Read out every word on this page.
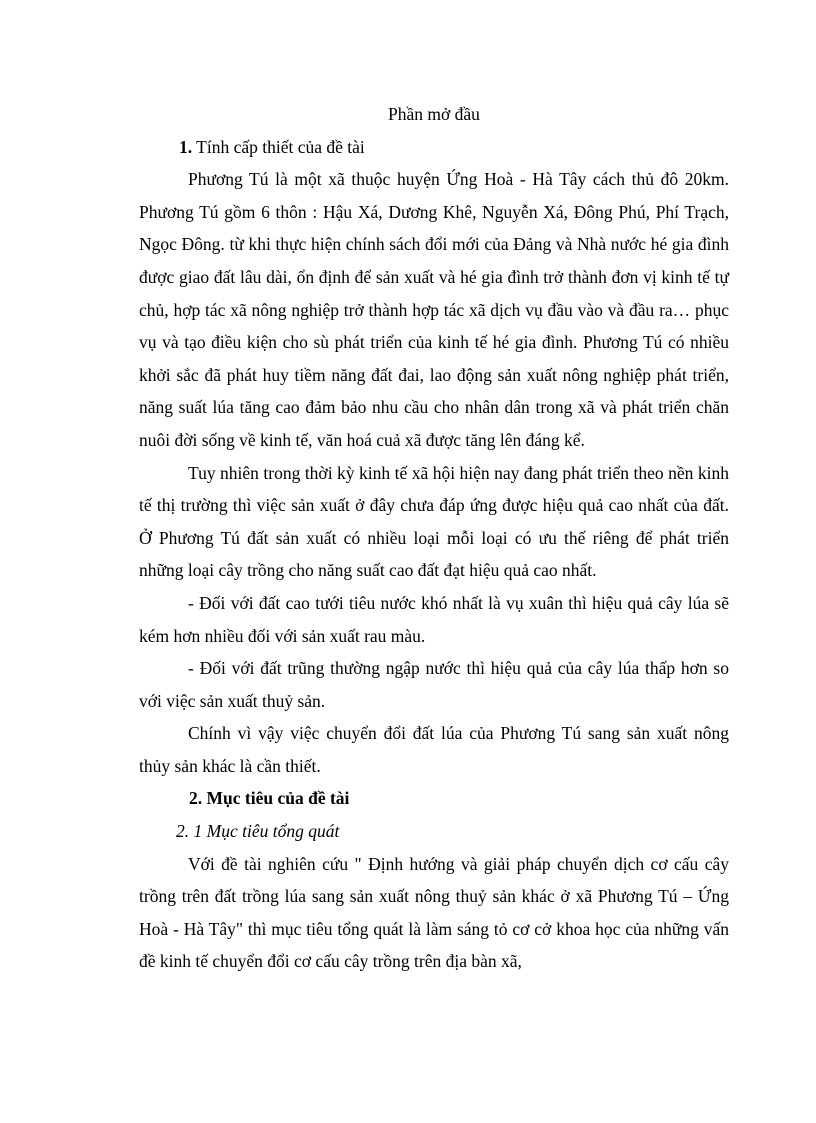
Phần mở đầu
1. Tính cấp thiết của đề tài

Phương Tú là một xã thuộc huyện Ứng Hoà - Hà Tây cách thủ đô 20km. Phương Tú gồm 6 thôn : Hậu Xá, Dương Khê, Nguyễn Xá, Đông Phú, Phí Trạch, Ngọc Đông. từ khi thực hiện chính sách đổi mới của Đảng và Nhà nước hé gia đình được giao đất lâu dài, ổn định để sản xuất và hé gia đình trở thành đơn vị kinh tế tự chủ, hợp tác xã nông nghiệp trở thành hợp tác xã dịch vụ đầu vào và đầu ra… phục vụ và tạo điều kiện cho sù phát triển của kinh tế hé gia đình. Phương Tú có nhiều khởi sắc đã phát huy tiềm năng đất đai, lao động sản xuất nông nghiệp phát triển, năng suất lúa tăng cao đảm bảo nhu cầu cho nhân dân trong xã và phát triển chăn nuôi đời sống về kinh tế, văn hoá cuả xã được tăng lên đáng kể.

Tuy nhiên trong thời kỳ kinh tế xã hội hiện nay đang phát triển theo nền kinh tế thị trường thì việc sản xuất ở đây chưa đáp ứng được hiệu quả cao nhất của đất. Ở Phương Tú đất sản xuất có nhiều loại mỗi loại có ưu thế riêng để phát triển những loại cây trồng cho năng suất cao đất đạt hiệu quả cao nhất.

- Đối với đất cao tưới tiêu nước khó nhất là vụ xuân thì hiệu quả cây lúa sẽ kém hơn nhiều đối với sản xuất rau màu.

- Đối với đất trũng thường ngập nước thì hiệu quả của cây lúa thấp hơn so với việc sản xuất thuỷ sản.

Chính vì vậy việc chuyển đổi đất lúa của Phương Tú sang sản xuất nông thủy sản khác là cần thiết.

2. Mục tiêu của đề tài
2. 1 Mục tiêu tổng quát

Với đề tài nghiên cứu " Định hướng và giải pháp chuyển dịch cơ cấu cây trồng trên đất trồng lúa sang sản xuất nông thuỷ sản khác ở xã Phương Tú – Ứng Hoà - Hà Tây" thì mục tiêu tổng quát là làm sáng tỏ cơ cở khoa học của những vấn đề kinh tế chuyển đổi cơ cấu cây trồng trên địa bàn xã,
